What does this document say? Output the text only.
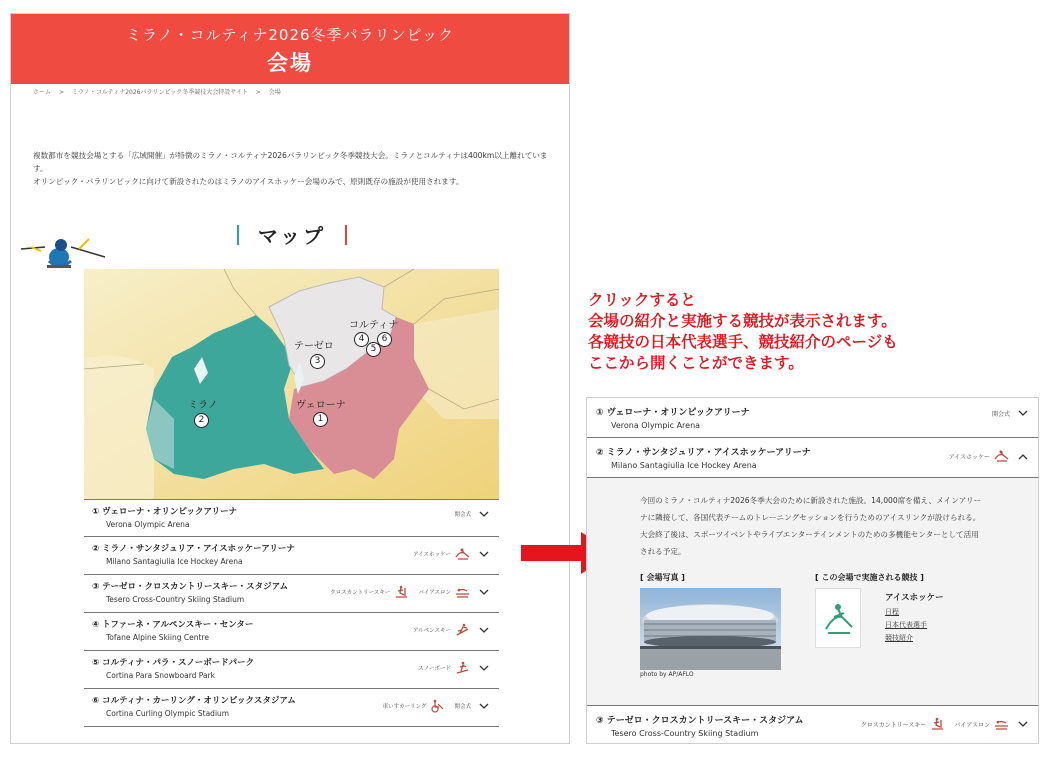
ミラノ・コルティナ2026冬季パラリンピック
会場
ホーム > ミラノ・コルティナ2026パラリンピック冬季競技大会特設サイト > 会場
複数都市を競技会場とする「広域開催」が特徴のミラノ・コルティナ2026パラリンピック冬季競技大会。ミラノとコルティナは400km以上離れています。
オリンピック・パラリンピックに向けて新設されたのはミラノのアイスホッケー会場のみで、原則既存の施設が使用されます。
マップ
ミラノ
2
ヴェローナ
1
テーゼロ
3
コルティナ
4	6
5
① ヴェローナ・オリンピックアリーナ
Verona Olympic Arena
開会式
② ミラノ・サンタジュリア・アイスホッケーアリーナ
Milano Santagiulia Ice Hockey Arena
アイスホッケー
③ テーゼロ・クロスカントリースキー・スタジアム
Tesero Cross-Country Skiing Stadium
クロスカントリースキー	バイアスロン
④ トファーネ・アルペンスキー・センター
Tofane Alpine Skiing Centre
アルペンスキー
⑤ コルティナ・パラ・スノーボードパーク
Cortina Para Snowboard Park
スノーボード
⑥ コルティナ・カーリング・オリンピックスタジアム
Cortina Curling Olympic Stadium
車いすカーリング	開会式
クリックすると
会場の紹介と実施する競技が表示されます。
各競技の日本代表選手、競技紹介のページも
ここから開くことができます。
① ヴェローナ・オリンピックアリーナ
Verona Olympic Arena
開会式
② ミラノ・サンタジュリア・アイスホッケーアリーナ
Milano Santagiulia Ice Hockey Arena
アイスホッケー
今回のミラノ・コルティナ2026冬季大会のために新設された施設。14,000席を備え、メインアリーナに隣接して、各国代表チームのトレーニングセッションを行うためのアイスリンクが設けられる。大会終了後は、スポーツイベントやライブエンターテインメントのための多機能センターとして活用される予定。
[ 会場写真 ]	[ この会場で実施される競技 ]
photo by AP/AFLO
アイスホッケー
日程
日本代表選手
競技紹介
③ テーゼロ・クロスカントリースキー・スタジアム
Tesero Cross-Country Skiing Stadium
クロスカントリースキー	バイアスロン
